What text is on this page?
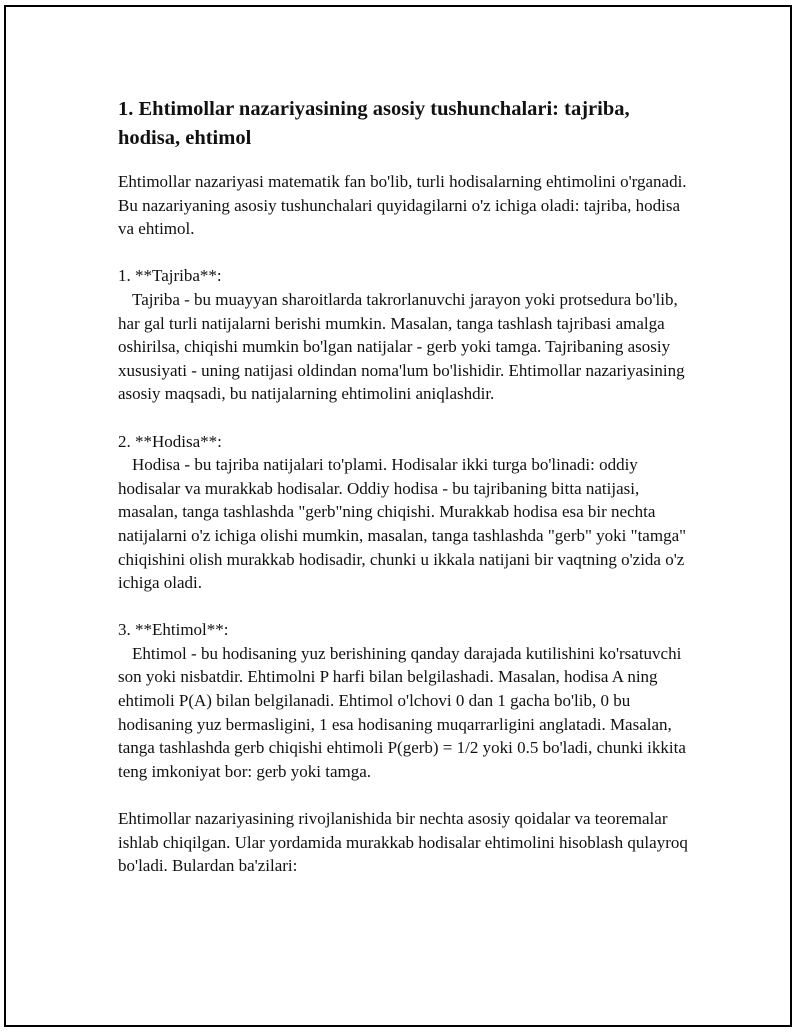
1. Ehtimollar nazariyasining asosiy tushunchalari: tajriba, hodisa, ehtimol

Ehtimollar nazariyasi matematik fan bo'lib, turli hodisalarning ehtimolini o'rganadi. Bu nazariyaning asosiy tushunchalari quyidagilarni o'z ichiga oladi: tajriba, hodisa va ehtimol.

1. **Tajriba**:

Tajriba - bu muayyan sharoitlarda takrorlanuvchi jarayon yoki protsedura bo'lib, har gal turli natijalarni berishi mumkin. Masalan, tanga tashlash tajribasi amalga oshirilsa, chiqishi mumkin bo'lgan natijalar - gerb yoki tamga. Tajribaning asosiy xususiyati - uning natijasi oldindan noma'lum bo'lishidir. Ehtimollar nazariyasining asosiy maqsadi, bu natijalarning ehtimolini aniqlashdir.

2. **Hodisa**:

Hodisa - bu tajriba natijalari to'plami. Hodisalar ikki turga bo'linadi: oddiy hodisalar va murakkab hodisalar. Oddiy hodisa - bu tajribaning bitta natijasi, masalan, tanga tashlashda "gerb"ning chiqishi. Murakkab hodisa esa bir nechta natijalarni o'z ichiga olishi mumkin, masalan, tanga tashlashda "gerb" yoki "tamga" chiqishini olish murakkab hodisadir, chunki u ikkala natijani bir vaqtning o'zida o'z ichiga oladi.

3. **Ehtimol**:

Ehtimol - bu hodisaning yuz berishining qanday darajada kutilishini ko'rsatuvchi son yoki nisbatdir. Ehtimolni P harfi bilan belgilashadi. Masalan, hodisa A ning ehtimoli P(A) bilan belgilanadi. Ehtimol o'lchovi 0 dan 1 gacha bo'lib, 0 bu hodisaning yuz bermasligini, 1 esa hodisaning muqarrarligini anglatadi. Masalan, tanga tashlashda gerb chiqishi ehtimoli P(gerb) = 1/2 yoki 0.5 bo'ladi, chunki ikkita teng imkoniyat bor: gerb yoki tamga.

Ehtimollar nazariyasining rivojlanishida bir nechta asosiy qoidalar va teoremalar ishlab chiqilgan. Ular yordamida murakkab hodisalar ehtimolini hisoblash qulayroq bo'ladi. Bulardan ba'zilari:
